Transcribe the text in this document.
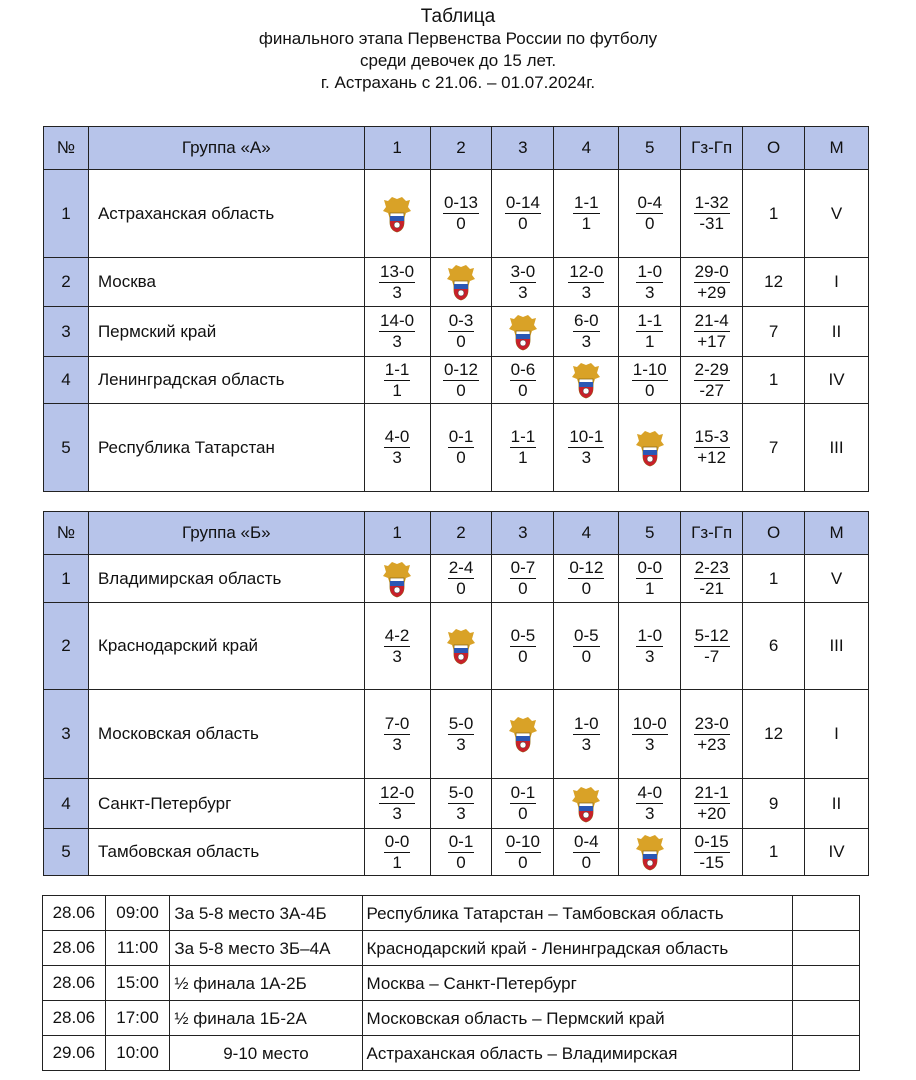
Таблица
финального этапа Первенства России по футболу
среди девочек до 15 лет.
г. Астрахань с 21.06. – 01.07.2024г.
№	Группа «А»	1	2	3	4	5	Гз-Гп	О	М
1	Астраханская область		$\frac{0-13}{0}$	$\frac{0-14}{0}$	$\frac{1-1}{1}$	$\frac{0-4}{0}$	$\frac{1-32}{-31}$	1	V
2	Москва	$\frac{13-0}{3}$		$\frac{3-0}{3}$	$\frac{12-0}{3}$	$\frac{1-0}{3}$	$\frac{29-0}{+29}$	12	I
3	Пермский край	$\frac{14-0}{3}$	$\frac{0-3}{0}$		$\frac{6-0}{3}$	$\frac{1-1}{1}$	$\frac{21-4}{+17}$	7	II
4	Ленинградская область	$\frac{1-1}{1}$	$\frac{0-12}{0}$	$\frac{0-6}{0}$		$\frac{1-10}{0}$	$\frac{2-29}{-27}$	1	IV
5	Республика Татарстан	$\frac{4-0}{3}$	$\frac{0-1}{0}$	$\frac{1-1}{1}$	$\frac{10-1}{3}$		$\frac{15-3}{+12}$	7	III
№	Группа «Б»	1	2	3	4	5	Гз-Гп	О	М
1	Владимирская область		$\frac{2-4}{0}$	$\frac{0-7}{0}$	$\frac{0-12}{0}$	$\frac{0-0}{1}$	$\frac{2-23}{-21}$	1	V
2	Краснодарский край	$\frac{4-2}{3}$		$\frac{0-5}{0}$	$\frac{0-5}{0}$	$\frac{1-0}{3}$	$\frac{5-12}{-7}$	6	III
3	Московская область	$\frac{7-0}{3}$	$\frac{5-0}{3}$		$\frac{1-0}{3}$	$\frac{10-0}{3}$	$\frac{23-0}{+23}$	12	I
4	Санкт-Петербург	$\frac{12-0}{3}$	$\frac{5-0}{3}$	$\frac{0-1}{0}$		$\frac{4-0}{3}$	$\frac{21-1}{+20}$	9	II
5	Тамбовская область	$\frac{0-0}{1}$	$\frac{0-1}{0}$	$\frac{0-10}{0}$	$\frac{0-4}{0}$		$\frac{0-15}{-15}$	1	IV
28.06	09:00	За 5-8 место 3А-4Б	Республика Татарстан – Тамбовская область	
28.06	11:00	За 5-8 место 3Б–4А	Краснодарский край - Ленинградская область	
28.06	15:00	½ финала 1А-2Б	Москва – Санкт-Петербург	
28.06	17:00	½ финала 1Б-2А	Московская область – Пермский край	
29.06	10:00	9-10 место	Астраханская область – Владимирская	
